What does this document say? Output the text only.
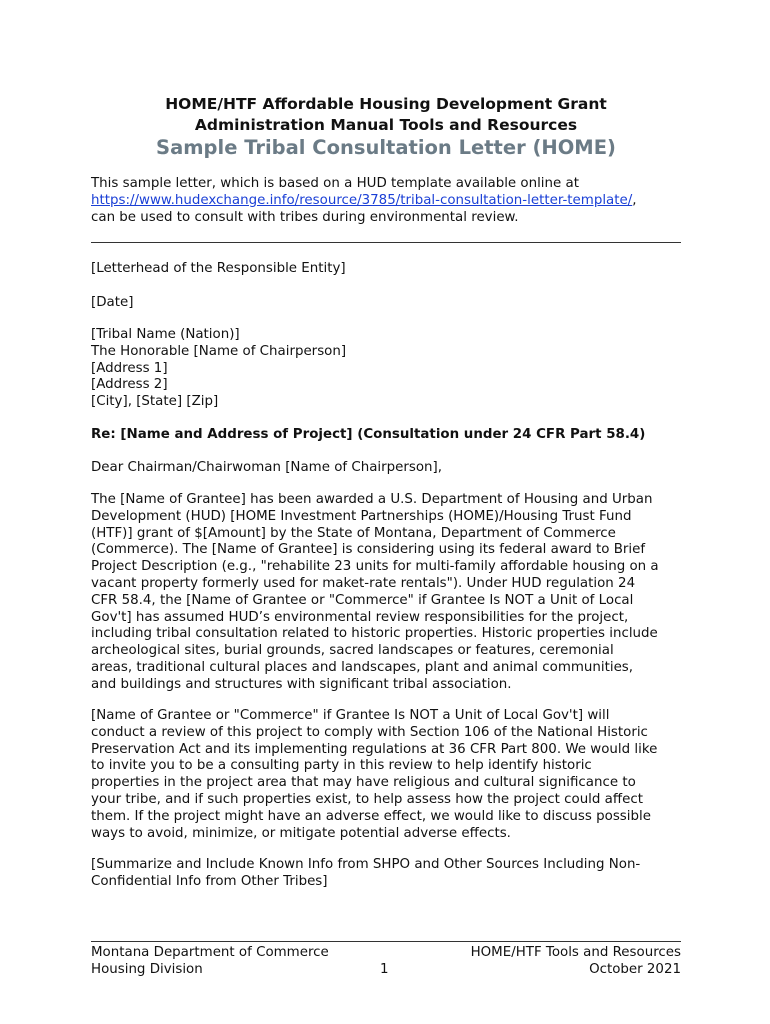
HOME/HTF Affordable Housing Development Grant
Administration Manual Tools and Resources
Sample Tribal Consultation Letter (HOME)
This sample letter, which is based on a HUD template available online at
https://www.hudexchange.info/resource/3785/tribal-consultation-letter-template/,
can be used to consult with tribes during environmental review.
[Letterhead of the Responsible Entity]
[Date]
[Tribal Name (Nation)]
The Honorable [Name of Chairperson]
[Address 1]
[Address 2]
[City], [State] [Zip]
Re: [Name and Address of Project] (Consultation under 24 CFR Part 58.4)
Dear Chairman/Chairwoman [Name of Chairperson],
The [Name of Grantee] has been awarded a U.S. Department of Housing and Urban
Development (HUD) [HOME Investment Partnerships (HOME)/Housing Trust Fund
(HTF)] grant of $[Amount] by the State of Montana, Department of Commerce
(Commerce). The [Name of Grantee] is considering using its federal award to Brief
Project Description (e.g., "rehabilite 23 units for multi-family affordable housing on a
vacant property formerly used for maket-rate rentals"). Under HUD regulation 24
CFR 58.4, the [Name of Grantee or "Commerce" if Grantee Is NOT a Unit of Local
Gov't] has assumed HUD’s environmental review responsibilities for the project,
including tribal consultation related to historic properties. Historic properties include
archeological sites, burial grounds, sacred landscapes or features, ceremonial
areas, traditional cultural places and landscapes, plant and animal communities,
and buildings and structures with significant tribal association.
[Name of Grantee or "Commerce" if Grantee Is NOT a Unit of Local Gov't] will
conduct a review of this project to comply with Section 106 of the National Historic
Preservation Act and its implementing regulations at 36 CFR Part 800. We would like
to invite you to be a consulting party in this review to help identify historic
properties in the project area that may have religious and cultural significance to
your tribe, and if such properties exist, to help assess how the project could affect
them. If the project might have an adverse effect, we would like to discuss possible
ways to avoid, minimize, or mitigate potential adverse effects.
[Summarize and Include Known Info from SHPO and Other Sources Including Non-
Confidential Info from Other Tribes]
Montana Department of Commerce
Housing Division	1
HOME/HTF Tools and Resources
October 2021
